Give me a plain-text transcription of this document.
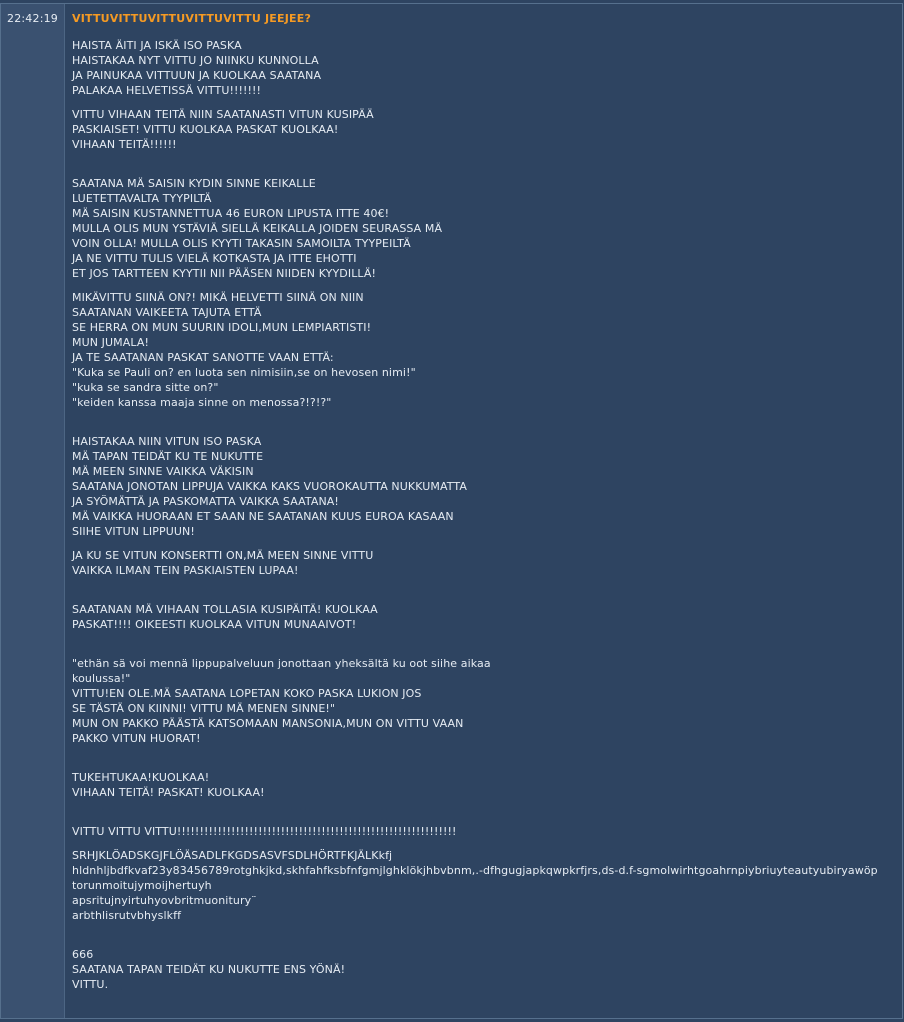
22:42:19 VITTUVITTUVITTUVITTUVITTU JEEJEE?
HAISTA ÄITI JA ISKÄ ISO PASKA
HAISTAKAA NYT VITTU JO NIINKU KUNNOLLA
JA PAINUKAA VITTUUN JA KUOLKAA SAATANA
PALAKAA HELVETISSÄ VITTU!!!!!!!
VITTU VIHAAN TEITÄ NIIN SAATANASTI VITUN KUSIPÄÄ
PASKIAISET! VITTU KUOLKAA PASKAT KUOLKAA!
VIHAAN TEITÄ!!!!!!
SAATANA MÄ SAISIN KYDIN SINNE KEIKALLE
LUETETTAVALTA TYYPILTÄ
MÄ SAISIN KUSTANNETTUA 46 EURON LIPUSTA ITTE 40€!
MULLA OLIS MUN YSTÄVIÄ SIELLÄ KEIKALLA JOIDEN SEURASSA MÄ
VOIN OLLA! MULLA OLIS KYYTI TAKASIN SAMOILTA TYYPEILTÄ
JA NE VITTU TULIS VIELÄ KOTKASTA JA ITTE EHOTTI
ET JOS TARTTEEN KYYTII NII PÄÄSEN NIIDEN KYYDILLÄ!
MIKÄVITTU SIINÄ ON?! MIKÄ HELVETTI SIINÄ ON NIIN
SAATANAN VAIKEETA TAJUTA ETTÄ
SE HERRA ON MUN SUURIN IDOLI,MUN LEMPIARTISTI!
MUN JUMALA!
JA TE SAATANAN PASKAT SANOTTE VAAN ETTÄ:
"Kuka se Pauli on? en luota sen nimisiin,se on hevosen nimi!"
"kuka se sandra sitte on?"
"keiden kanssa maaja sinne on menossa?!?!?"
HAISTAKAA NIIN VITUN ISO PASKA
MÄ TAPAN TEIDÄT KU TE NUKUTTE
MÄ MEEN SINNE VAIKKA VÄKISIN
SAATANA JONOTAN LIPPUJA VAIKKA KAKS VUOROKAUTTA NUKKUMATTA
JA SYÖMÄTTÄ JA PASKOMATTA VAIKKA SAATANA!
MÄ VAIKKA HUORAAN ET SAAN NE SAATANAN KUUS EUROA KASAAN
SIIHE VITUN LIPPUUN!
JA KU SE VITUN KONSERTTI ON,MÄ MEEN SINNE VITTU
VAIKKA ILMAN TEIN PASKIAISTEN LUPAA!
SAATANAN MÄ VIHAAN TOLLASIA KUSIPÄITÄ! KUOLKAA
PASKAT!!!! OIKEESTI KUOLKAA VITUN MUNAAIVOT!
"ethän sä voi mennä lippupalveluun jonottaan yheksältä ku oot siihe aikaa
koulussa!"
VITTU!EN OLE.MÄ SAATANA LOPETAN KOKO PASKA LUKION JOS
SE TÄSTÄ ON KIINNI! VITTU MÄ MENEN SINNE!"
MUN ON PAKKO PÄÄSTÄ KATSOMAAN MANSONIA,MUN ON VITTU VAAN
PAKKO VITUN HUORAT!
TUKEHTUKAA!KUOLKAA!
VIHAAN TEITÄ! PASKAT! KUOLKAA!
VITTU VITTU VITTU!!!!!!!!!!!!!!!!!!!!!!!!!!!!!!!!!!!!!!!!!!!!!!!!!!!!!!!!!!!!!!
SRHJKLÖADSKGJFLÖÄSADLFKGDSASVFSDLHÖRTFKJÄLKkfj
hldnhljbdfkvaf23y83456789rotghkjkd,skhfahfksbfnfgmjlghklökjhbvbnm,.-dfhgugjapkqwpkrfjrs,ds-d.f-sgmolwirhtgoahrnpiybriuyteautyubiryawöp
torunmoitujymoijhertuyh
apsritujnyirtuhyovbritmuonitury¨
arbthlisrutvbhyslkff
666
SAATANA TAPAN TEIDÄT KU NUKUTTE ENS YÖNÄ!
VITTU.
